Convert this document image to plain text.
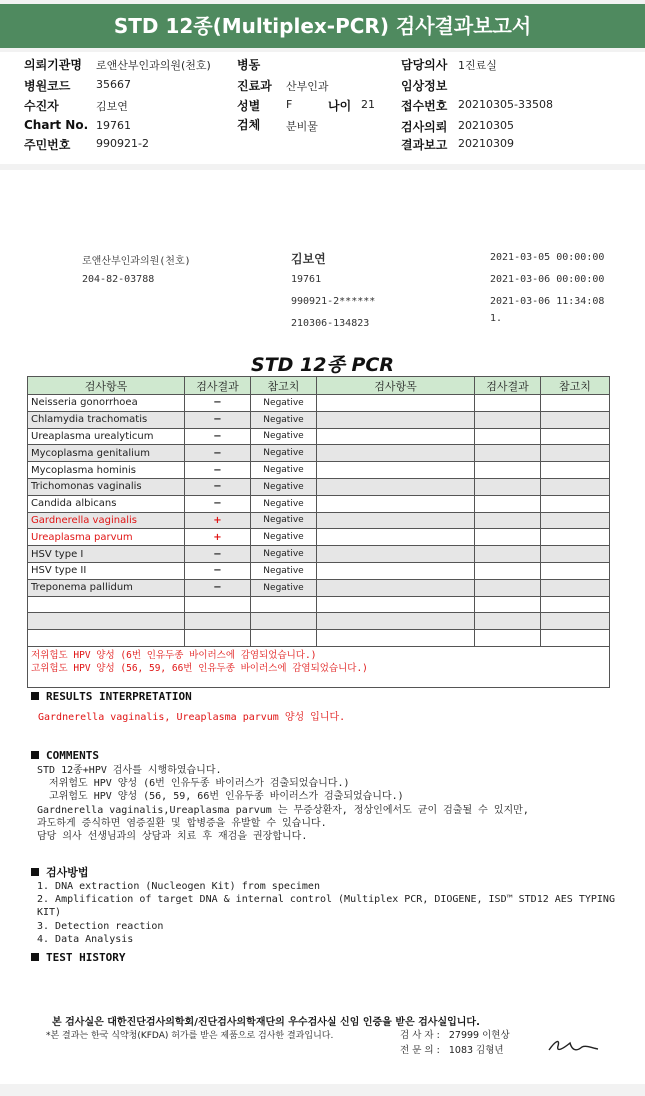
STD 12종(Multiplex-PCR) 검사결과보고서
의뢰기관명 로앤산부인과의원(천호) 병동	담당의사 1진료실
병원코드 35667	진료과 산부인과	임상정보
수진자	김보연	성별 F	나이 21 접수번호 20210305-33508
Chart No. 19761	검체 분비물	검사의뢰 20210305
주민번호 990921-2	결과보고 20210309
로앤산부인과의원(천호)
204-82-03788
김보연
19761
990921-2******
210306-134823
2021-03-05 00:00:00
2021-03-06 00:00:00
2021-03-06 11:34:08
1.
STD 12종 PCR
검사항목	검사결과	참고치	검사항목	검사결과	참고치
Neisseria gonorrhoea	−	Negative			
Chlamydia trachomatis	−	Negative			
Ureaplasma urealyticum	−	Negative			
Mycoplasma genitalium	−	Negative			
Mycoplasma hominis	−	Negative			
Trichomonas vaginalis	−	Negative			
Candida albicans	−	Negative			
Gardnerella vaginalis	+	Negative			
Ureaplasma parvum	+	Negative			
HSV type I	−	Negative			
HSV type II	−	Negative			
Treponema pallidum	−	Negative			

저위험도 HPV 양성 (6번 인유두종 바이러스에 감염되었습니다.)
고위험도 HPV 양성 (56, 59, 66번 인유두종 바이러스에 감염되었습니다.)					
RESULTS INTERPRETATION
Gardnerella vaginalis, Ureaplasma parvum 양성 입니다.
COMMENTS
STD 12종+HPV 검사를 시행하였습니다.
저위험도 HPV 양성 (6번 인유두종 바이러스가 검출되었습니다.)
고위험도 HPV 양성 (56, 59, 66번 인유두종 바이러스가 검출되었습니다.)
Gardnerella vaginalis,Ureaplasma parvum 는 무증상환자, 정상인에서도 균이 검출될 수 있지만,
과도하게 증식하면 염증질환 및 합병증을 유발할 수 있습니다.
담당 의사 선생님과의 상담과 치료 후 재검을 권장합니다.
검사방법
1. DNA extraction (Nucleogen Kit) from specimen
2. Amplification of target DNA & internal control (Multiplex PCR, DIOGENE, ISD™ STD12 AES TYPING
KIT)
3. Detection reaction
4. Data Analysis
TEST HISTORY
본 검사실은 대한진단검사의학회/진단검사의학재단의 우수검사실 신임 인증을 받은 검사실입니다.
*본 결과는 한국 식약청(KFDA) 허가를 받은 제품으로 검사한 결과입니다.	검 사 자 : 27999 이현상
전 문 의 : 1083 김형년
